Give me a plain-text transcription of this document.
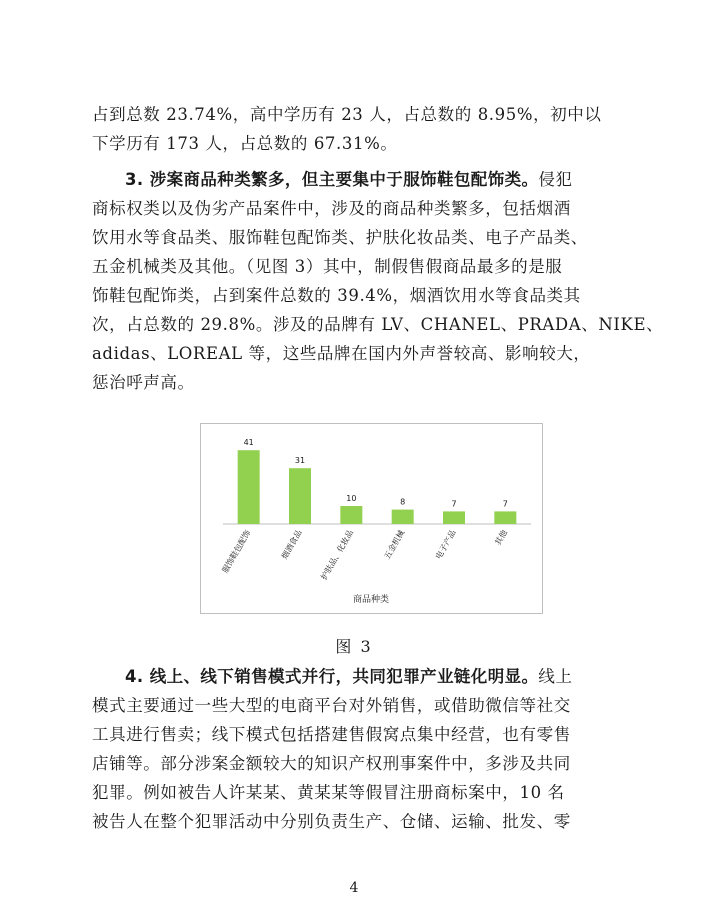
占到总数 23.74%，高中学历有 23 人，占总数的 8.95%，初中以
下学历有 173 人，占总数的 67.31%。
3. 涉案商品种类繁多，但主要集中于服饰鞋包配饰类。侵犯
商标权类以及伪劣产品案件中，涉及的商品种类繁多，包括烟酒
饮用水等食品类、服饰鞋包配饰类、护肤化妆品类、电子产品类、
五金机械类及其他。（见图 3）其中，制假售假商品最多的是服
饰鞋包配饰类，占到案件总数的 39.4%，烟酒饮用水等食品类其
次，占总数的 29.8%。涉及的品牌有 LV、CHANEL、PRADA、NIKE、
adidas、LOREAL 等，这些品牌在国内外声誉较高、影响较大，
惩治呼声高。
41
服饰鞋包配饰
31
烟酒食品
10
护肤品、化妆品
8
五金机械
7
电子产品
7
其他
商品种类
图 3
4. 线上、线下销售模式并行，共同犯罪产业链化明显。线上
模式主要通过一些大型的电商平台对外销售，或借助微信等社交
工具进行售卖；线下模式包括搭建售假窝点集中经营，也有零售
店铺等。部分涉案金额较大的知识产权刑事案件中，多涉及共同
犯罪。例如被告人许某某、黄某某等假冒注册商标案中，10 名
被告人在整个犯罪活动中分别负责生产、仓储、运输、批发、零
4
